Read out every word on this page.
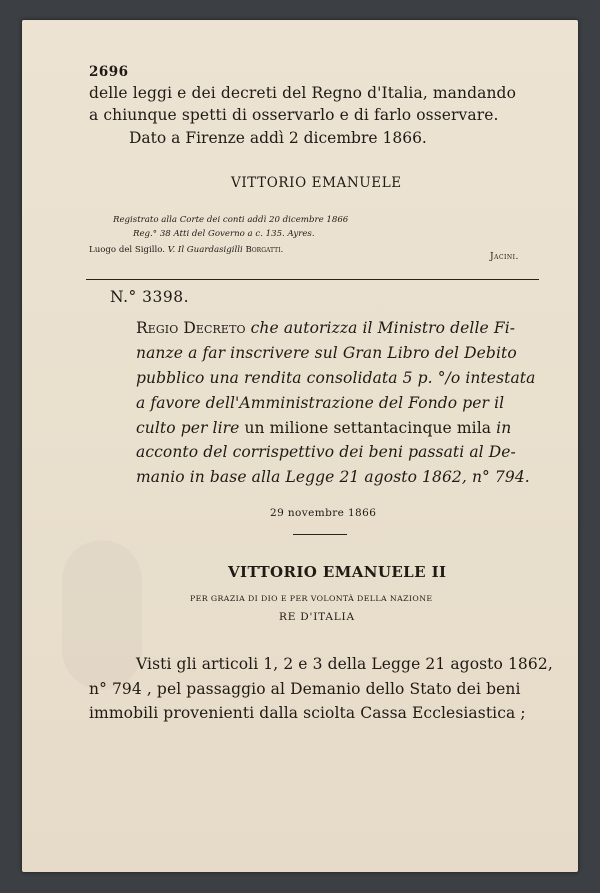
2696
delle leggi e dei decreti del Regno d'Italia, mandando
a chiunque spetti di osservarlo e di farlo osservare.
Dato a Firenze addì 2 dicembre 1866.
VITTORIO EMANUELE
Registrato alla Corte dei conti addì 20 dicembre 1866
Reg.° 38 Atti del Governo a c. 135. Ayres.
Luogo del Sigillo. V. Il Guardasigilli Borgatti.
Jacini.
N.° 3398.
Regio Decreto che autorizza il Ministro delle Fi-
nanze a far inscrivere sul Gran Libro del Debito
pubblico una rendita consolidata 5 p. °/o intestata
a favore dell'Amministrazione del Fondo per il
culto per lire un milione settantacinque mila in
acconto del corrispettivo dei beni passati al De-
manio in base alla Legge 21 agosto 1862, n° 794.
29 novembre 1866
VITTORIO EMANUELE II
PER GRAZIA DI DIO E PER VOLONTÀ DELLA NAZIONE
RE D'ITALIA
Visti gli articoli 1, 2 e 3 della Legge 21 agosto 1862,
n° 794 , pel passaggio al Demanio dello Stato dei beni
immobili provenienti dalla sciolta Cassa Ecclesiastica ;
